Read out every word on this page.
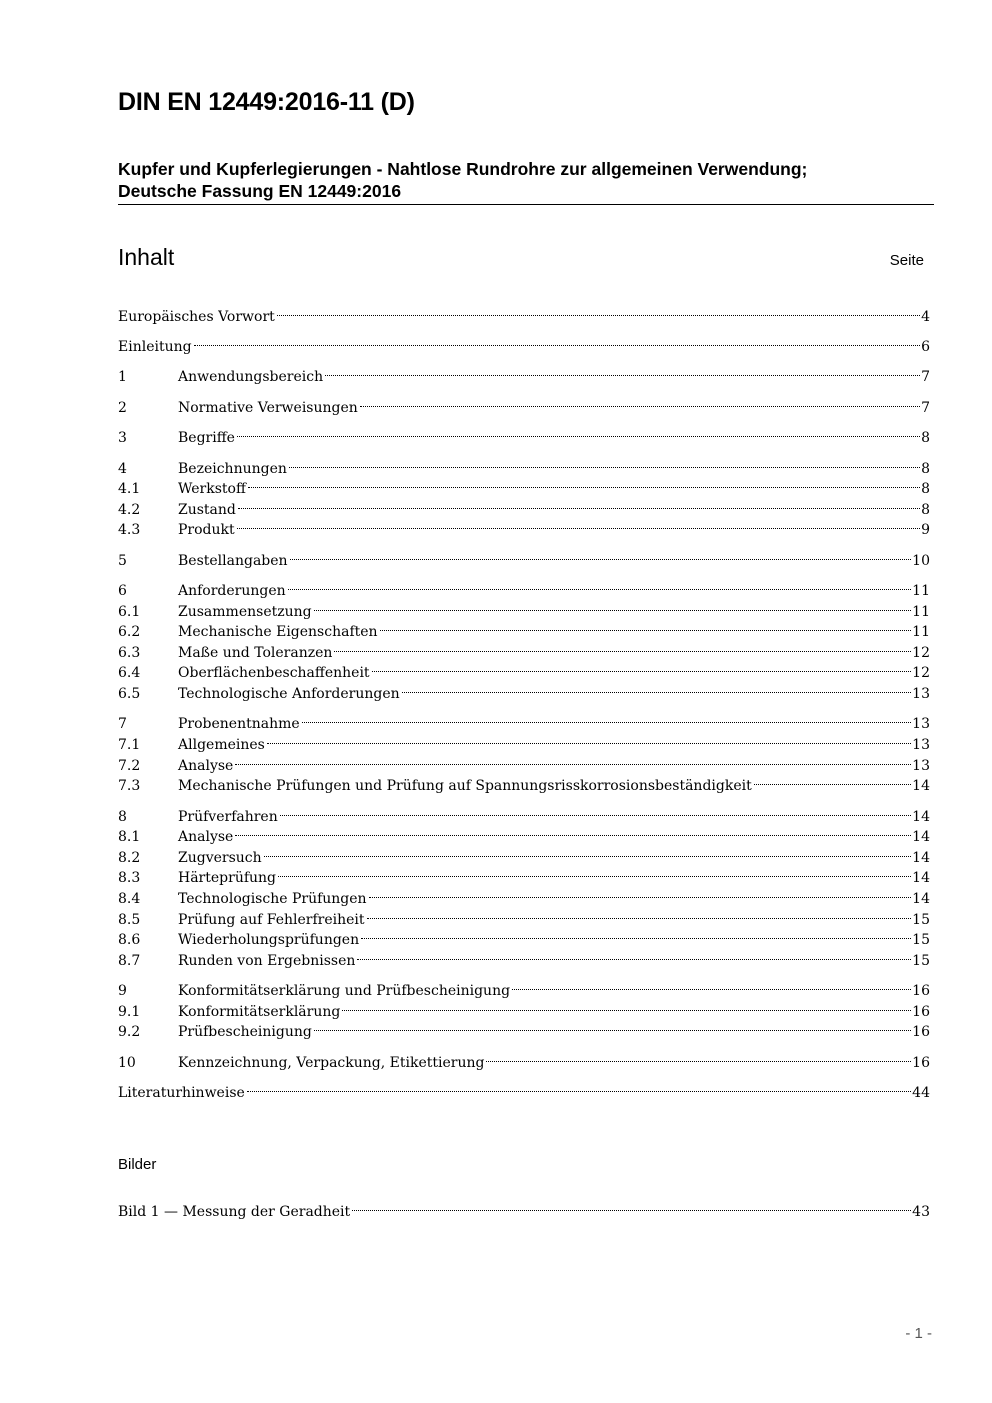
DIN EN 12449:2016-11 (D)
Kupfer und Kupferlegierungen - Nahtlose Rundrohre zur allgemeinen Verwendung;
Deutsche Fassung EN 12449:2016
Inhalt	Seite
Europäisches Vorwort	4
Einleitung	6
1	Anwendungsbereich	7
2	Normative Verweisungen	7
3	Begriffe	8
4	Bezeichnungen	8
4.1	Werkstoff	8
4.2	Zustand	8
4.3	Produkt	9
5	Bestellangaben	10
6	Anforderungen	11
6.1	Zusammensetzung	11
6.2	Mechanische Eigenschaften	11
6.3	Maße und Toleranzen	12
6.4	Oberflächenbeschaffenheit	12
6.5	Technologische Anforderungen	13
7	Probenentnahme	13
7.1	Allgemeines	13
7.2	Analyse	13
7.3	Mechanische Prüfungen und Prüfung auf Spannungsrisskorrosionsbeständigkeit	14
8	Prüfverfahren	14
8.1	Analyse	14
8.2	Zugversuch	14
8.3	Härteprüfung	14
8.4	Technologische Prüfungen	14
8.5	Prüfung auf Fehlerfreiheit	15
8.6	Wiederholungsprüfungen	15
8.7	Runden von Ergebnissen	15
9	Konformitätserklärung und Prüfbescheinigung	16
9.1	Konformitätserklärung	16
9.2	Prüfbescheinigung	16
10	Kennzeichnung, Verpackung, Etikettierung	16
Literaturhinweise	44
Bilder
Bild 1 — Messung der Geradheit	43
- 1 -
